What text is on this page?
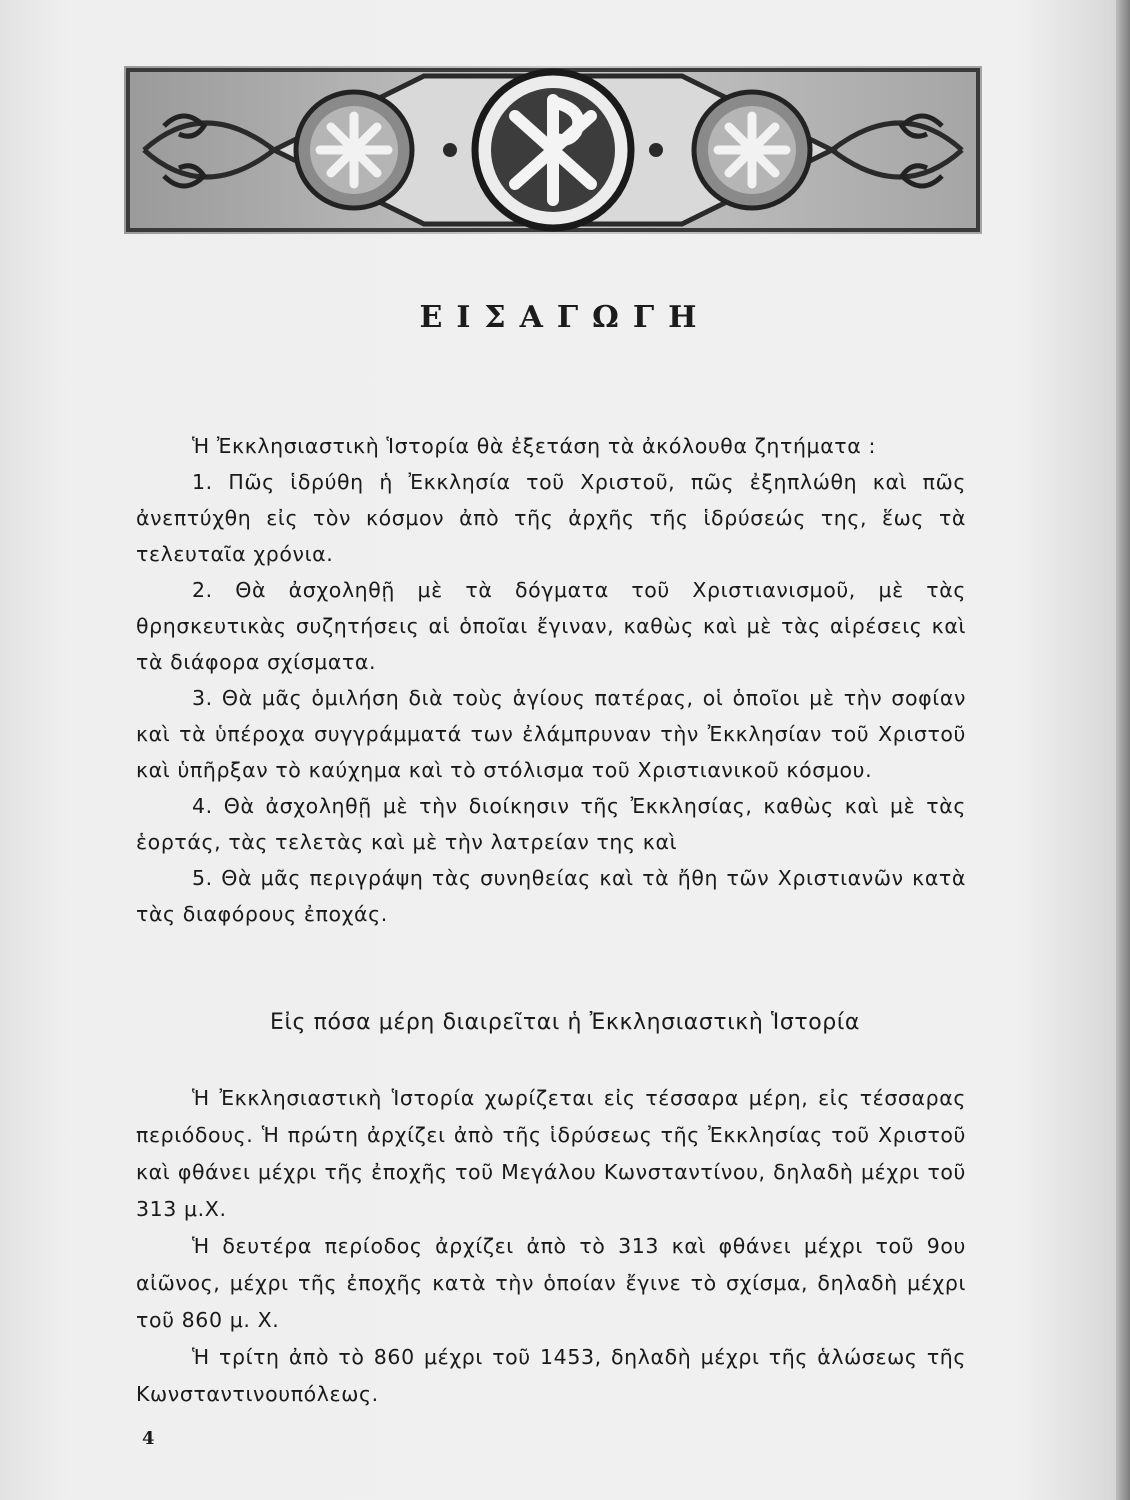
ΕΙΣΑΓΩΓΗ

Ἡ Ἐκκλησιαστικὴ Ἱστορία θὰ ἐξετάση τὰ ἀκόλουθα ζητήματα :

1. Πῶς ἱδρύθη ἡ Ἐκκλησία τοῦ Χριστοῦ, πῶς ἐξηπλώθη καὶ πῶς ἀνεπτύχθη εἰς τὸν κόσμον ἀπὸ τῆς ἀρχῆς τῆς ἱδρύσεώς της, ἕως τὰ τελευταῖα χρόνια.

2. Θὰ ἀσχοληθῇ μὲ τὰ δόγματα τοῦ Χριστιανισμοῦ, μὲ τὰς θρησκευτικὰς συζητήσεις αἱ ὁποῖαι ἔγιναν, καθὼς καὶ μὲ τὰς αἱρέσεις καὶ τὰ διάφορα σχίσματα.

3. Θὰ μᾶς ὁμιλήση διὰ τοὺς ἁγίους πατέρας, οἱ ὁποῖοι μὲ τὴν σοφίαν καὶ τὰ ὑπέροχα συγγράμματά των ἐλάμπρυναν τὴν Ἐκκλησίαν τοῦ Χριστοῦ καὶ ὑπῆρξαν τὸ καύχημα καὶ τὸ στόλισμα τοῦ Χριστιανικοῦ κόσμου.

4. Θὰ ἀσχοληθῇ μὲ τὴν διοίκησιν τῆς Ἐκκλησίας, καθὼς καὶ μὲ τὰς ἑορτάς, τὰς τελετὰς καὶ μὲ τὴν λατρείαν της καὶ

5. Θὰ μᾶς περιγράψη τὰς συνηθείας καὶ τὰ ἤθη τῶν Χριστιανῶν κατὰ τὰς διαφόρους ἐποχάς.

Εἰς πόσα μέρη διαιρεῖται ἡ Ἐκκλησιαστικὴ Ἱστορία

Ἡ Ἐκκλησιαστικὴ Ἱστορία χωρίζεται εἰς τέσσαρα μέρη, εἰς τέσσαρας περιόδους. Ἡ πρώτη ἀρχίζει ἀπὸ τῆς ἱδρύσεως τῆς Ἐκκλησίας τοῦ Χριστοῦ καὶ φθάνει μέχρι τῆς ἐποχῆς τοῦ Μεγάλου Κωνσταντίνου, δηλαδὴ μέχρι τοῦ 313 μ.Χ.

Ἡ δευτέρα περίοδος ἀρχίζει ἀπὸ τὸ 313 καὶ φθάνει μέχρι τοῦ 9ου αἰῶνος, μέχρι τῆς ἐποχῆς κατὰ τὴν ὁποίαν ἔγινε τὸ σχίσμα, δηλαδὴ μέχρι τοῦ 860 μ. Χ.

Ἡ τρίτη ἀπὸ τὸ 860 μέχρι τοῦ 1453, δηλαδὴ μέχρι τῆς ἁλώσεως τῆς Κωνσταντινουπόλεως.

4
